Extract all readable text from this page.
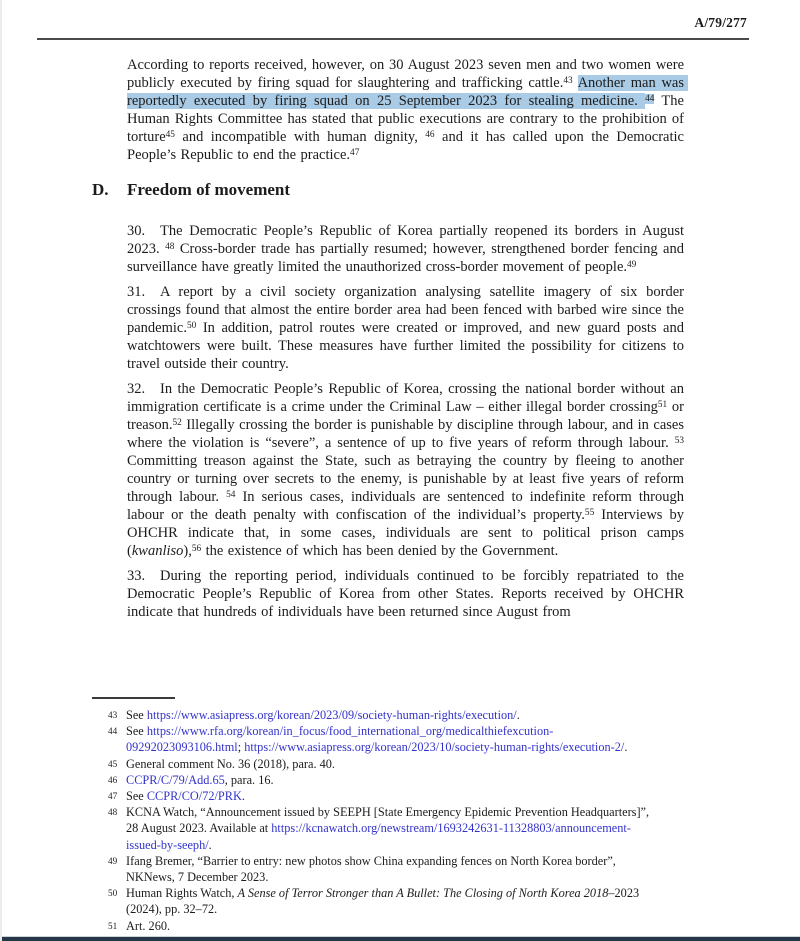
A/79/277

According to reports received, however, on 30 August 2023 seven men and two women were publicly executed by firing squad for slaughtering and trafficking cattle.$^{43}$ Another man was reportedly executed by firing squad on 25 September 2023 for stealing medicine. $^{44}$ The Human Rights Committee has stated that public executions are contrary to the prohibition of torture$^{45}$ and incompatible with human dignity, $^{46}$ and it has called upon the Democratic People’s Republic to end the practice.$^{47}$

D.	Freedom of movement

30. The Democratic People’s Republic of Korea partially reopened its borders in August 2023. $^{48}$ Cross-border trade has partially resumed; however, strengthened border fencing and surveillance have greatly limited the unauthorized cross-border movement of people.$^{49}$

31. A report by a civil society organization analysing satellite imagery of six border crossings found that almost the entire border area had been fenced with barbed wire since the pandemic.$^{50}$ In addition, patrol routes were created or improved, and new guard posts and watchtowers were built. These measures have further limited the possibility for citizens to travel outside their country.

32. In the Democratic People’s Republic of Korea, crossing the national border without an immigration certificate is a crime under the Criminal Law – either illegal border crossing$^{51}$ or treason.$^{52}$ Illegally crossing the border is punishable by discipline through labour, and in cases where the violation is “severe”, a sentence of up to five years of reform through labour. $^{53}$ Committing treason against the State, such as betraying the country by fleeing to another country or turning over secrets to the enemy, is punishable by at least five years of reform through labour. $^{54}$ In serious cases, individuals are sentenced to indefinite reform through labour or the death penalty with confiscation of the individual’s property.$^{55}$ Interviews by OHCHR indicate that, in some cases, individuals are sent to political prison camps (kwanliso),$^{56}$ the existence of which has been denied by the Government.

33. During the reporting period, individuals continued to be forcibly repatriated to the Democratic People’s Republic of Korea from other States. Reports received by OHCHR indicate that hundreds of individuals have been returned since August from

43 See https://www.asiapress.org/korean/2023/09/society-human-rights/execution/.
44 See https://www.rfa.org/korean/in_focus/food_international_org/medicalthiefexcution-09292023093106.html; https://www.asiapress.org/korean/2023/10/society-human-rights/execution-2/.
45 General comment No. 36 (2018), para. 40.
46 CCPR/C/79/Add.65, para. 16.
47 See CCPR/CO/72/PRK.
48 KCNA Watch, “Announcement issued by SEEPH [State Emergency Epidemic Prevention Headquarters]”, 28 August 2023. Available at https://kcnawatch.org/newstream/1693242631-11328803/announcement-issued-by-seeph/.
49 Ifang Bremer, “Barrier to entry: new photos show China expanding fences on North Korea border”, NKNews, 7 December 2023.
50 Human Rights Watch, A Sense of Terror Stronger than A Bullet: The Closing of North Korea 2018–2023 (2024), pp. 32–72.
51 Art. 260.
